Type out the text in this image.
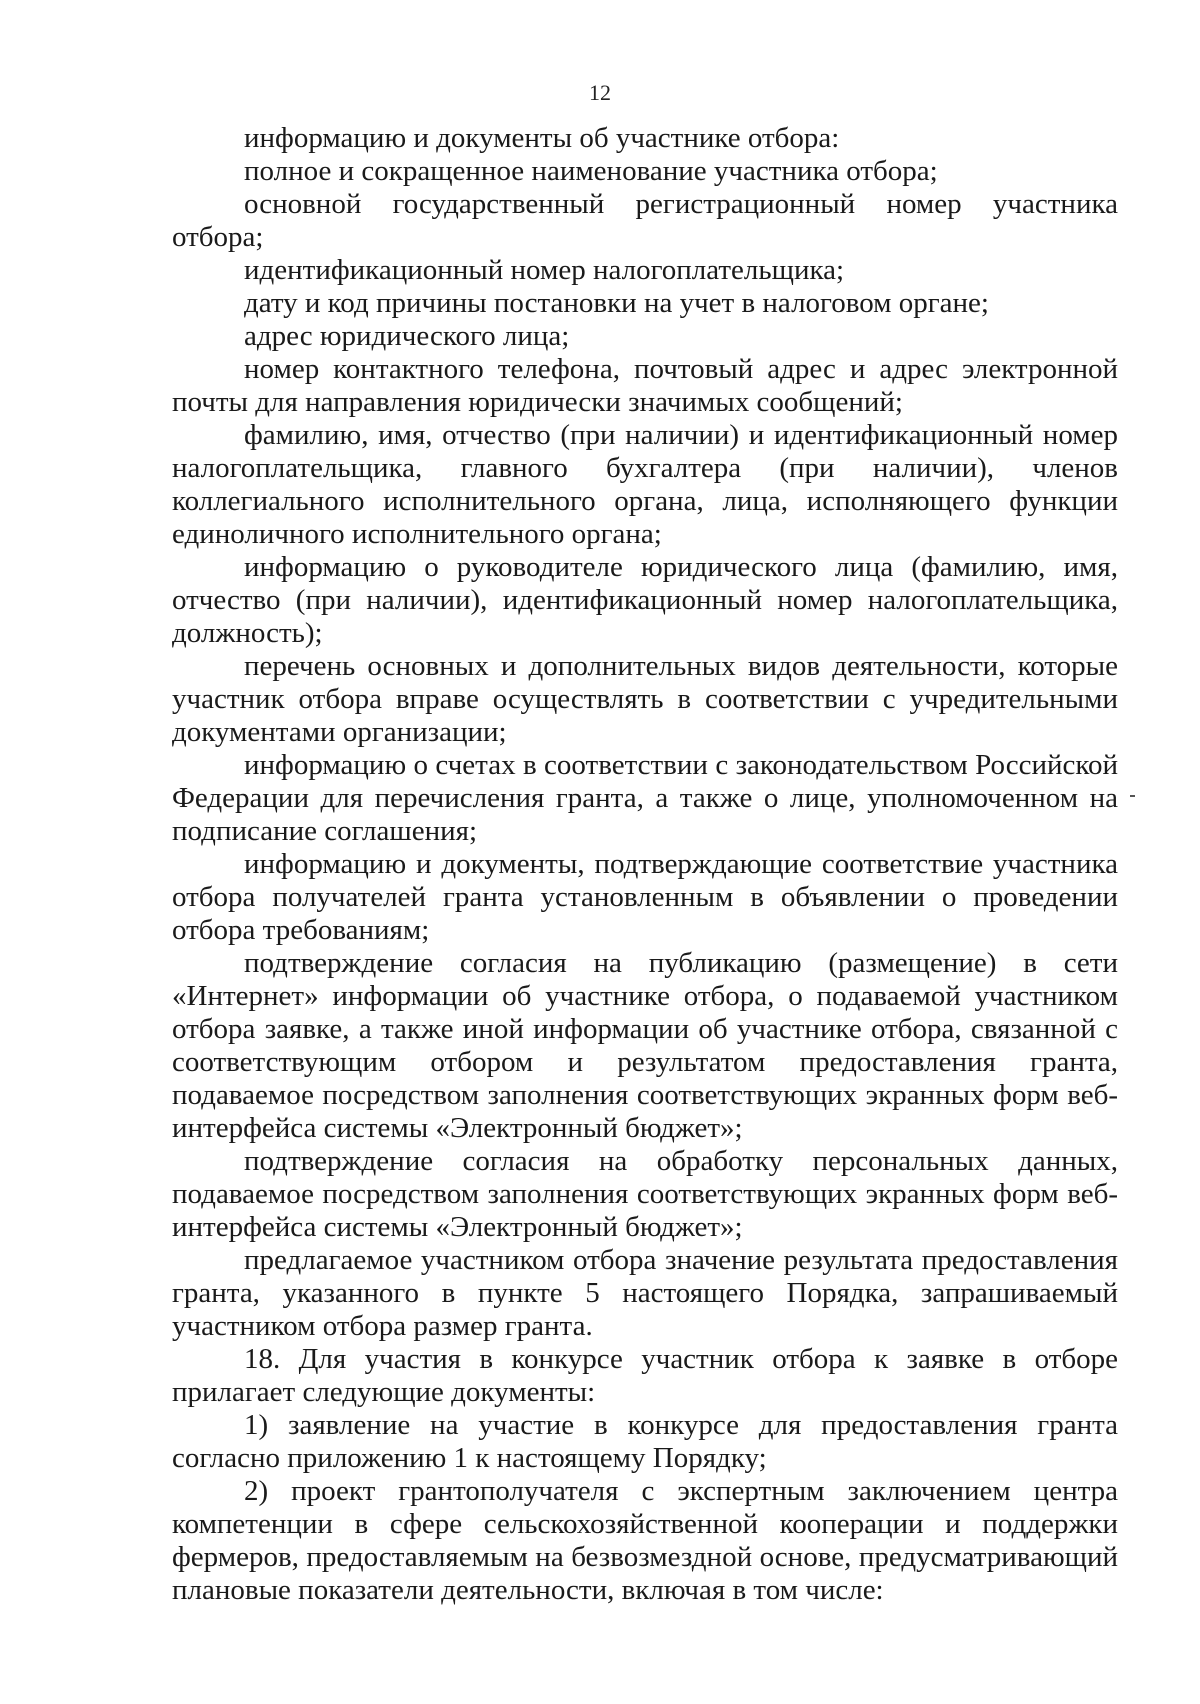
12

информацию и документы об участнике отбора:

полное и сокращенное наименование участника отбора;

основной государственный регистрационный номер участника отбора;

идентификационный номер налогоплательщика;

дату и код причины постановки на учет в налоговом органе;

адрес юридического лица;

номер контактного телефона, почтовый адрес и адрес электронной почты для направления юридически значимых сообщений;

фамилию, имя, отчество (при наличии) и идентификационный номер налогоплательщика, главного бухгалтера (при наличии), членов коллегиального исполнительного органа, лица, исполняющего функции единоличного исполнительного органа;

информацию о руководителе юридического лица (фамилию, имя, отчество (при наличии), идентификационный номер налогоплательщика, должность);

перечень основных и дополнительных видов деятельности, которые участник отбора вправе осуществлять в соответствии с учредительными документами организации;

информацию о счетах в соответствии с законодательством Российской Федерации для перечисления гранта, а также о лице, уполномоченном на подписание соглашения;

информацию и документы, подтверждающие соответствие участника отбора получателей гранта установленным в объявлении о проведении отбора требованиям;

подтверждение согласия на публикацию (размещение) в сети «Интернет» информации об участнике отбора, о подаваемой участником отбора заявке, а также иной информации об участнике отбора, связанной с соответствующим отбором и результатом предоставления гранта, подаваемое посредством заполнения соответствующих экранных форм веб-интерфейса системы «Электронный бюджет»;

подтверждение согласия на обработку персональных данных, подаваемое посредством заполнения соответствующих экранных форм веб-интерфейса системы «Электронный бюджет»;

предлагаемое участником отбора значение результата предоставления гранта, указанного в пункте 5 настоящего Порядка, запрашиваемый участником отбора размер гранта.

18. Для участия в конкурсе участник отбора к заявке в отборе прилагает следующие документы:

1) заявление на участие в конкурсе для предоставления гранта согласно приложению 1 к настоящему Порядку;

2) проект грантополучателя с экспертным заключением центра компетенции в сфере сельскохозяйственной кооперации и поддержки фермеров, предоставляемым на безвозмездной основе, предусматривающий плановые показатели деятельности, включая в том числе:
